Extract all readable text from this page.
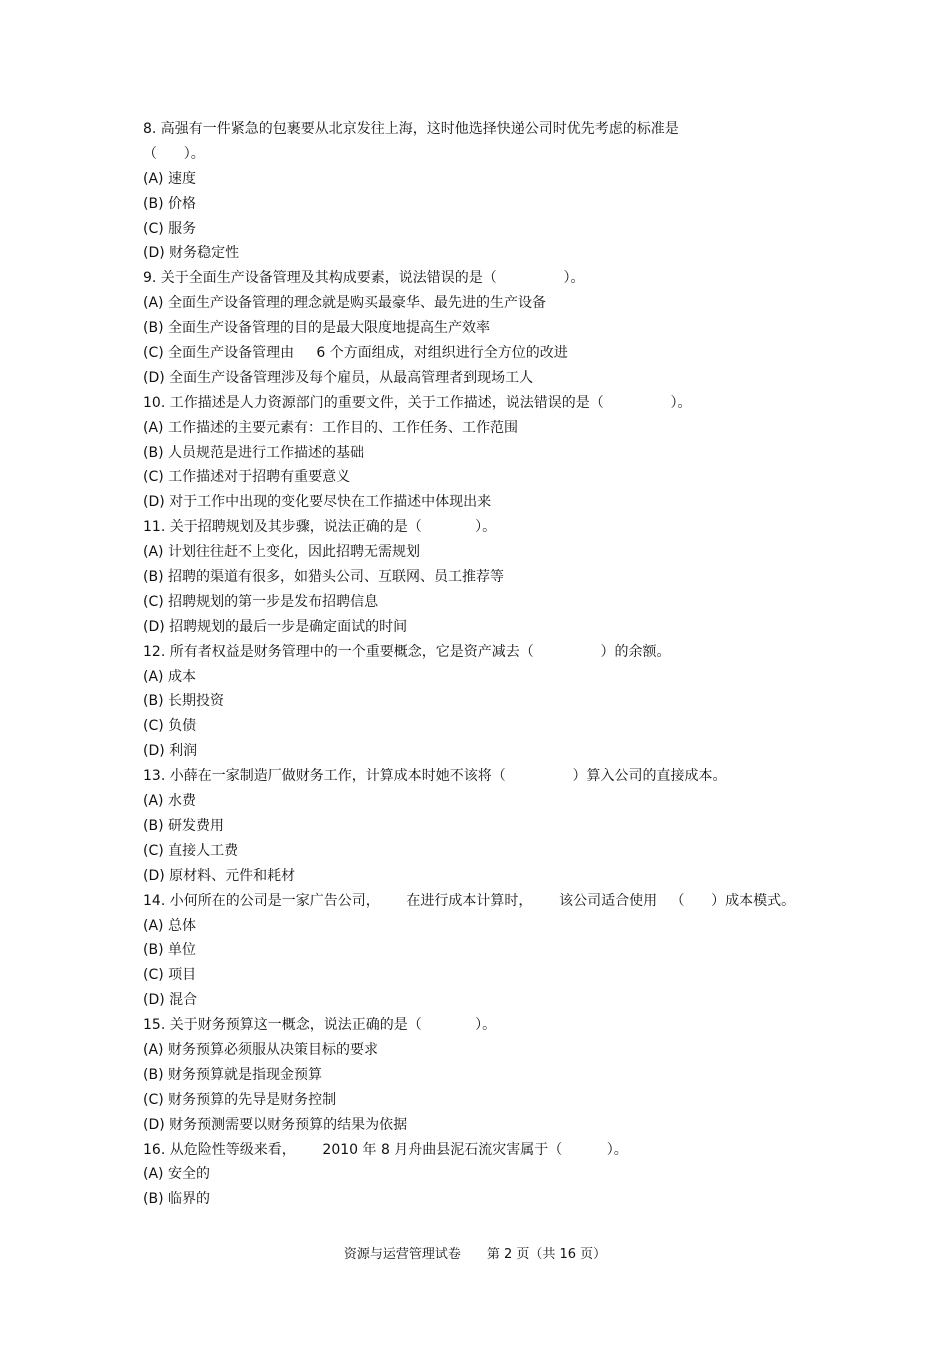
8. 高强有一件紧急的包裹要从北京发往上海，这时他选择快递公司时优先考虑的标准是
（      ）。
(A) 速度
(B) 价格
(C) 服务
(D) 财务稳定性
9. 关于全面生产设备管理及其构成要素，说法错误的是（               ）。
(A) 全面生产设备管理的理念就是购买最豪华、最先进的生产设备
(B) 全面生产设备管理的目的是最大限度地提高生产效率
(C) 全面生产设备管理由     6 个方面组成，对组织进行全方位的改进
(D) 全面生产设备管理涉及每个雇员，从最高管理者到现场工人
10. 工作描述是人力资源部门的重要文件，关于工作描述，说法错误的是（               ）。
(A) 工作描述的主要元素有：工作目的、工作任务、工作范围
(B) 人员规范是进行工作描述的基础
(C) 工作描述对于招聘有重要意义
(D) 对于工作中出现的变化要尽快在工作描述中体现出来
11. 关于招聘规划及其步骤，说法正确的是（            ）。
(A) 计划往往赶不上变化，因此招聘无需规划
(B) 招聘的渠道有很多，如猎头公司、互联网、员工推荐等
(C) 招聘规划的第一步是发布招聘信息
(D) 招聘规划的最后一步是确定面试的时间
12. 所有者权益是财务管理中的一个重要概念，它是资产减去（               ）的余额。
(A) 成本
(B) 长期投资
(C) 负债
(D) 利润
13. 小薛在一家制造厂做财务工作，计算成本时她不该将（               ）算入公司的直接成本。
(A) 水费
(B) 研发费用
(C) 直接人工费
(D) 原材料、元件和耗材
14. 小何所在的公司是一家广告公司，      在进行成本计算时，      该公司适合使用   （      ）成本模式。
(A) 总体
(B) 单位
(C) 项目
(D) 混合
15. 关于财务预算这一概念，说法正确的是（            ）。
(A) 财务预算必须服从决策目标的要求
(B) 财务预算就是指现金预算
(C) 财务预算的先导是财务控制
(D) 财务预测需要以财务预算的结果为依据
16. 从危险性等级来看，      2010 年 8 月舟曲县泥石流灾害属于（          ）。
(A) 安全的
(B) 临界的
资源与运营管理试卷 第 2 页（共 16 页）
